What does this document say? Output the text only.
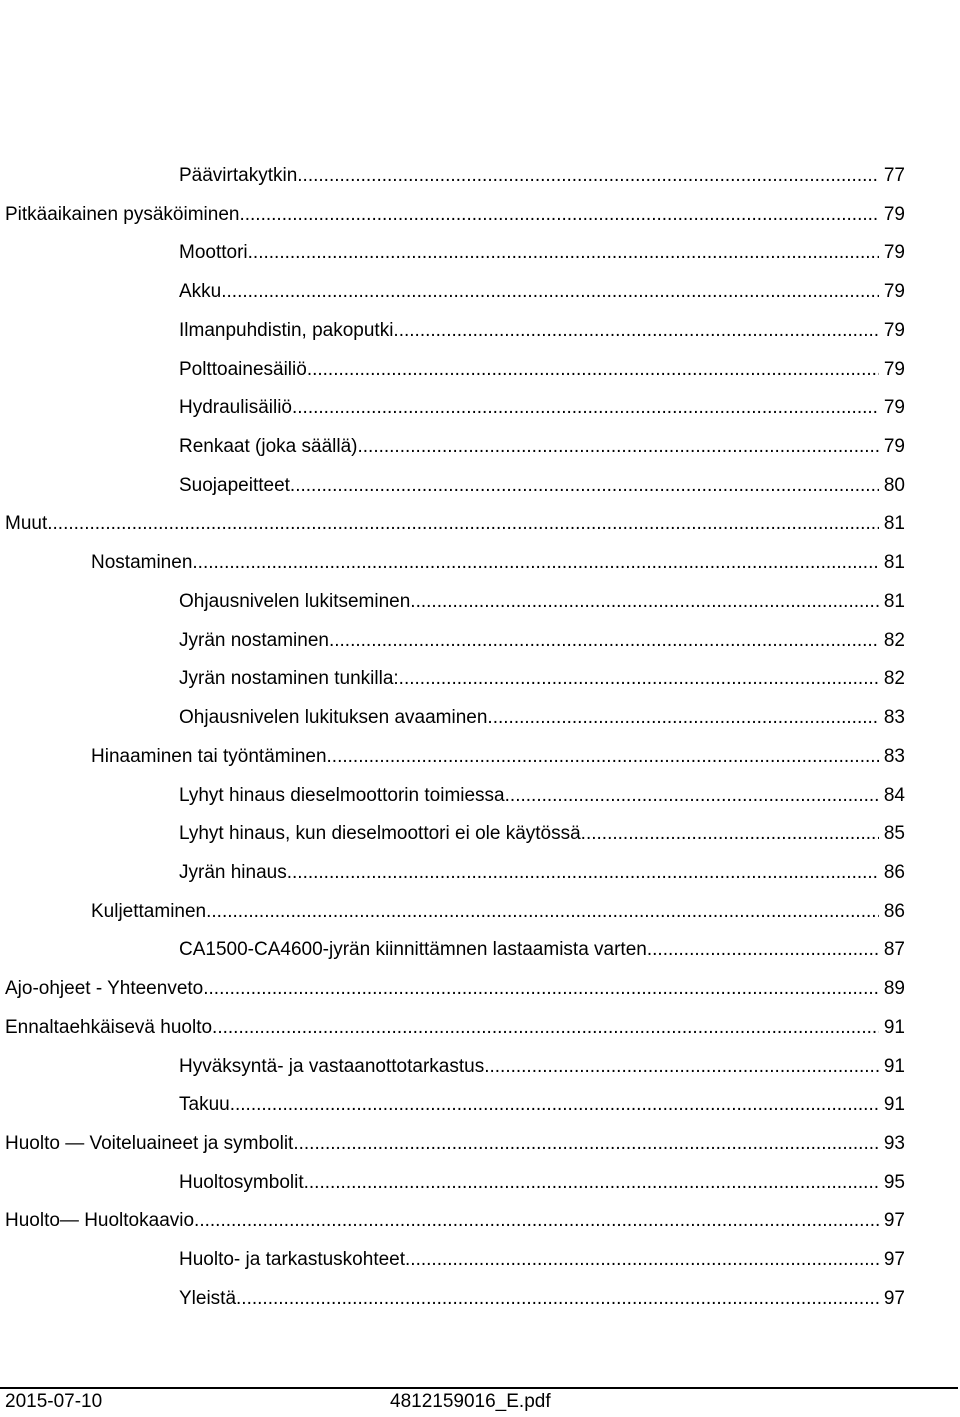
Päävirtakytkin .....	77
Pitkäaikainen pysäköiminen .....	79
Moottori .....	79
Akku .....	79
Ilmanpuhdistin, pakoputki .....	79
Polttoainesäiliö .....	79
Hydraulisäiliö .....	79
Renkaat (joka säällä) .....	79
Suojapeitteet .....	80
Muut .....	81
Nostaminen .....	81
Ohjausnivelen lukitseminen .....	81
Jyrän nostaminen .....	82
Jyrän nostaminen tunkilla: .....	82
Ohjausnivelen lukituksen avaaminen .....	83
Hinaaminen tai työntäminen .....	83
Lyhyt hinaus dieselmoottorin toimiessa .....	84
Lyhyt hinaus, kun dieselmoottori ei ole käytössä. .....	85
Jyrän hinaus .....	86
Kuljettaminen .....	86
CA1500-CA4600-jyrän kiinnittämnen lastaamista varten .....	87
Ajo-ohjeet - Yhteenveto .....	89
Ennaltaehkäisevä huolto .....	91
Hyväksyntä- ja vastaanottotarkastus .....	91
Takuu .....	91
Huolto — Voiteluaineet ja symbolit .....	93
Huoltosymbolit .....	95
Huolto— Huoltokaavio .....	97
Huolto- ja tarkastuskohteet .....	97
Yleistä .....	97
2015-07-10	4812159016_E.pdf
